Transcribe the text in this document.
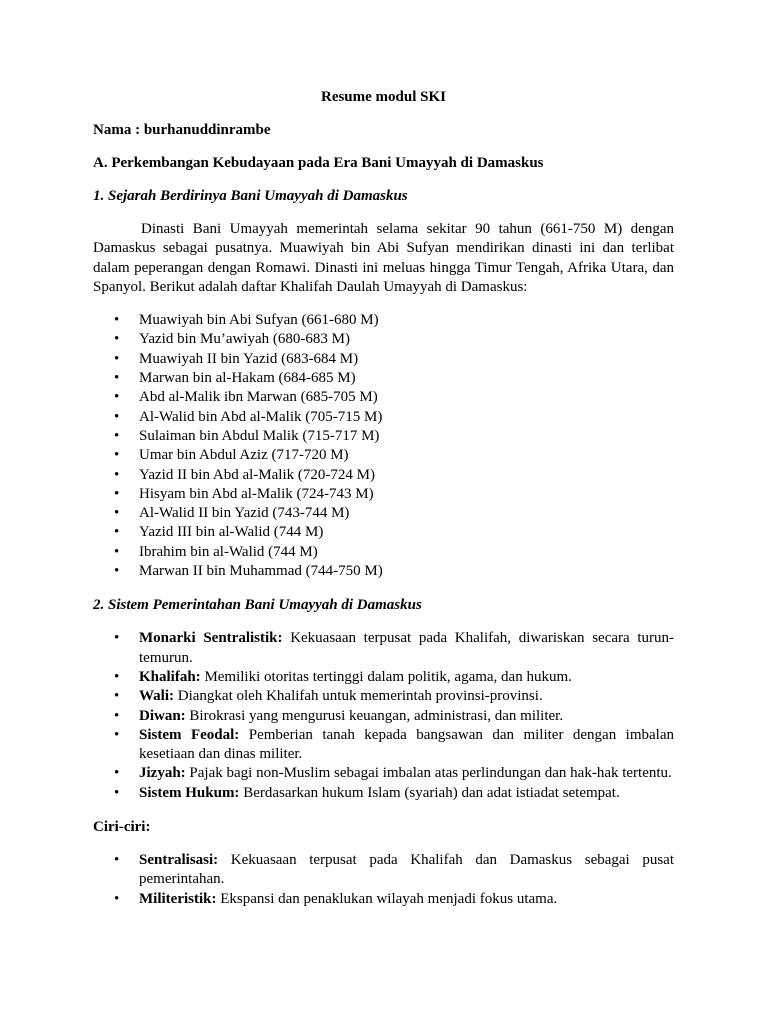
Resume modul SKI
Nama : burhanuddinrambe
A. Perkembangan Kebudayaan pada Era Bani Umayyah di Damaskus
1. Sejarah Berdirinya Bani Umayyah di Damaskus

Dinasti Bani Umayyah memerintah selama sekitar 90 tahun (661-750 M) dengan Damaskus sebagai pusatnya. Muawiyah bin Abi Sufyan mendirikan dinasti ini dan terlibat dalam peperangan dengan Romawi. Dinasti ini meluas hingga Timur Tengah, Afrika Utara, dan Spanyol. Berikut adalah daftar Khalifah Daulah Umayyah di Damaskus:

• Muawiyah bin Abi Sufyan (661-680 M)
• Yazid bin Mu’awiyah (680-683 M)
• Muawiyah II bin Yazid (683-684 M)
• Marwan bin al-Hakam (684-685 M)
• Abd al-Malik ibn Marwan (685-705 M)
• Al-Walid bin Abd al-Malik (705-715 M)
• Sulaiman bin Abdul Malik (715-717 M)
• Umar bin Abdul Aziz (717-720 M)
• Yazid II bin Abd al-Malik (720-724 M)
• Hisyam bin Abd al-Malik (724-743 M)
• Al-Walid II bin Yazid (743-744 M)
• Yazid III bin al-Walid (744 M)
• Ibrahim bin al-Walid (744 M)
• Marwan II bin Muhammad (744-750 M)
2. Sistem Pemerintahan Bani Umayyah di Damaskus
• Monarki Sentralistik: Kekuasaan terpusat pada Khalifah, diwariskan secara turun-temurun.
• Khalifah: Memiliki otoritas tertinggi dalam politik, agama, dan hukum.
• Wali: Diangkat oleh Khalifah untuk memerintah provinsi-provinsi.
• Diwan: Birokrasi yang mengurusi keuangan, administrasi, dan militer.
• Sistem Feodal: Pemberian tanah kepada bangsawan dan militer dengan imbalan kesetiaan dan dinas militer.
• Jizyah: Pajak bagi non-Muslim sebagai imbalan atas perlindungan dan hak-hak tertentu.
• Sistem Hukum: Berdasarkan hukum Islam (syariah) dan adat istiadat setempat.
Ciri-ciri:
• Sentralisasi: Kekuasaan terpusat pada Khalifah dan Damaskus sebagai pusat pemerintahan.
• Militeristik: Ekspansi dan penaklukan wilayah menjadi fokus utama.
